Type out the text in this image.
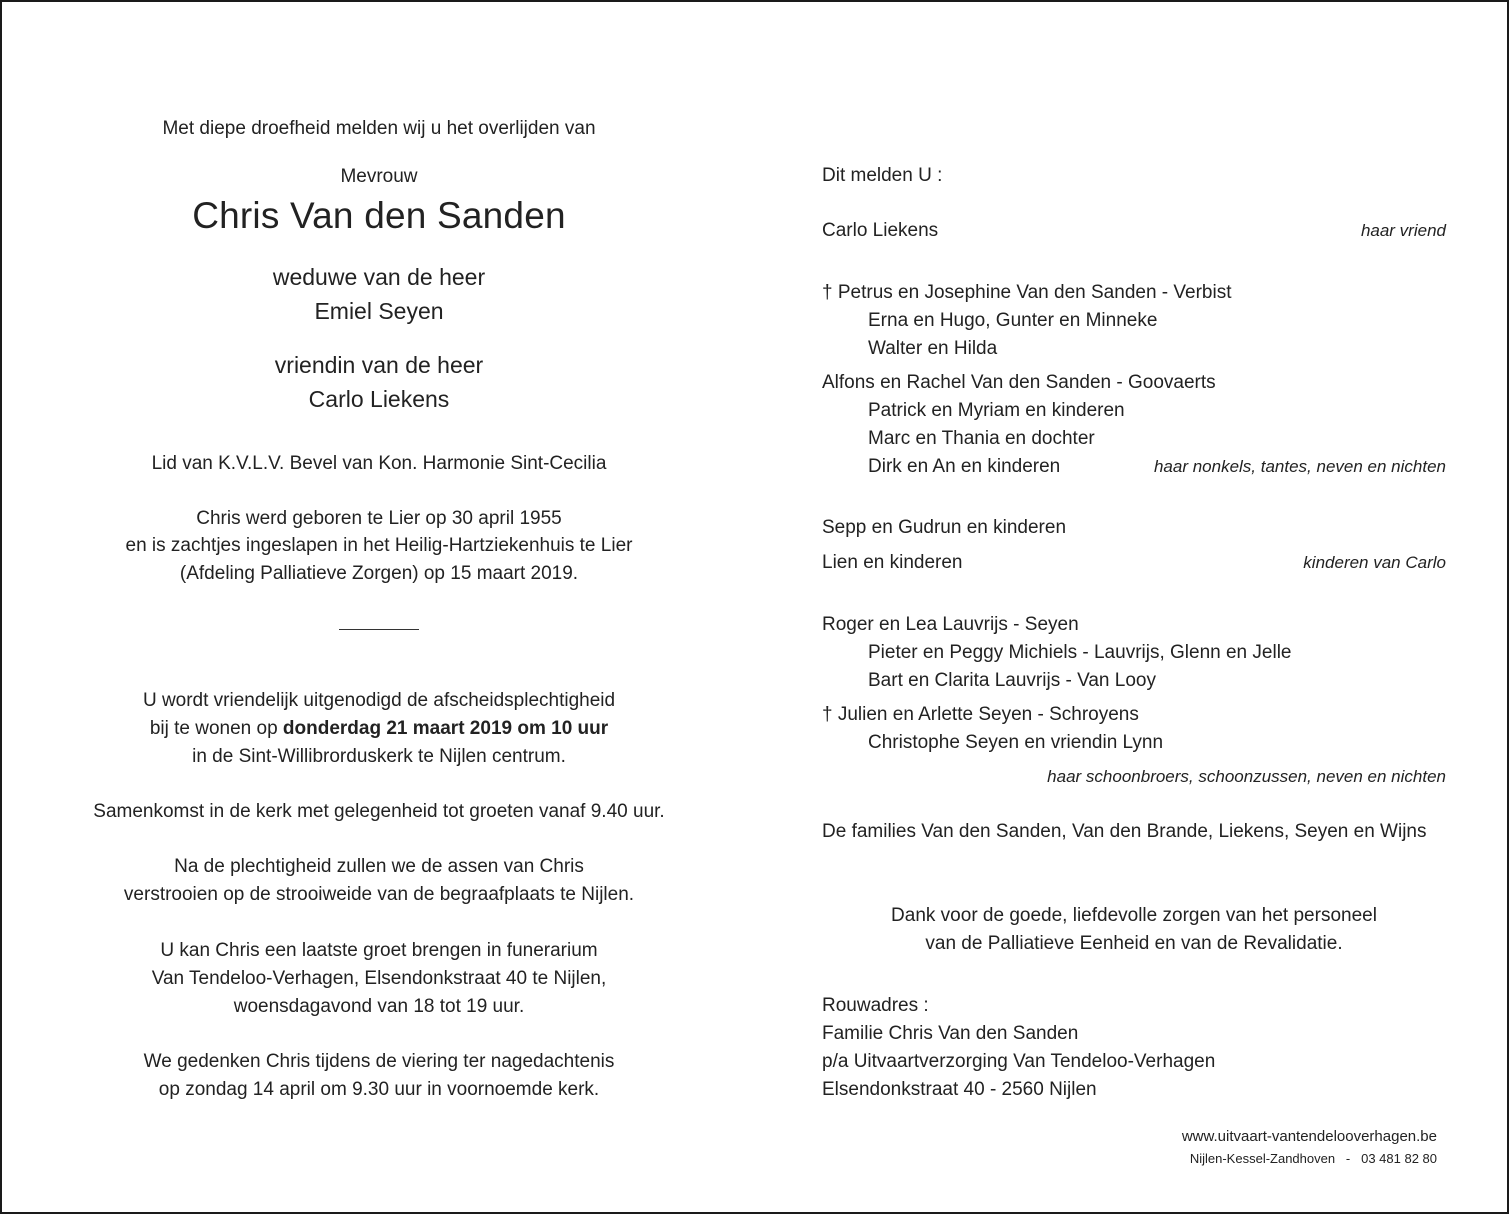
Met diepe droefheid melden wij u het overlijden van
Mevrouw
Chris Van den Sanden
weduwe van de heer
Emiel Seyen
vriendin van de heer
Carlo Liekens
Lid van K.V.L.V. Bevel van Kon. Harmonie Sint-Cecilia
Chris werd geboren te Lier op 30 april 1955
en is zachtjes ingeslapen in het Heilig-Hartziekenhuis te Lier
(Afdeling Palliatieve Zorgen) op 15 maart 2019.
U wordt vriendelijk uitgenodigd de afscheidsplechtigheid
bij te wonen op donderdag 21 maart 2019 om 10 uur
in de Sint-Willibrorduskerk te Nijlen centrum.
Samenkomst in de kerk met gelegenheid tot groeten vanaf 9.40 uur.
Na de plechtigheid zullen we de assen van Chris
verstrooien op de strooiweide van de begraafplaats te Nijlen.
U kan Chris een laatste groet brengen in funerarium
Van Tendeloo-Verhagen, Elsendonkstraat 40 te Nijlen,
woensdagavond van 18 tot 19 uur.
We gedenken Chris tijdens de viering ter nagedachtenis
op zondag 14 april om 9.30 uur in voornoemde kerk.
Dit melden U :
Carlo Liekens	haar vriend
† Petrus en Josephine Van den Sanden - Verbist
Erna en Hugo, Gunter en Minneke
Walter en Hilda
Alfons en Rachel Van den Sanden - Goovaerts
Patrick en Myriam en kinderen
Marc en Thania en dochter
Dirk en An en kinderen	haar nonkels, tantes, neven en nichten
Sepp en Gudrun en kinderen
Lien en kinderen	kinderen van Carlo
Roger en Lea Lauvrijs - Seyen
Pieter en Peggy Michiels - Lauvrijs, Glenn en Jelle
Bart en Clarita Lauvrijs - Van Looy
† Julien en Arlette Seyen - Schroyens
Christophe Seyen en vriendin Lynn
haar schoonbroers, schoonzussen, neven en nichten
De families Van den Sanden, Van den Brande, Liekens, Seyen en Wijns
Dank voor de goede, liefdevolle zorgen van het personeel
van de Palliatieve Eenheid en van de Revalidatie.
Rouwadres :
Familie Chris Van den Sanden
p/a Uitvaartverzorging Van Tendeloo-Verhagen
Elsendonkstraat 40 - 2560 Nijlen
www.uitvaart-vantendelooverhagen.be
Nijlen-Kessel-Zandhoven   -   03 481 82 80
